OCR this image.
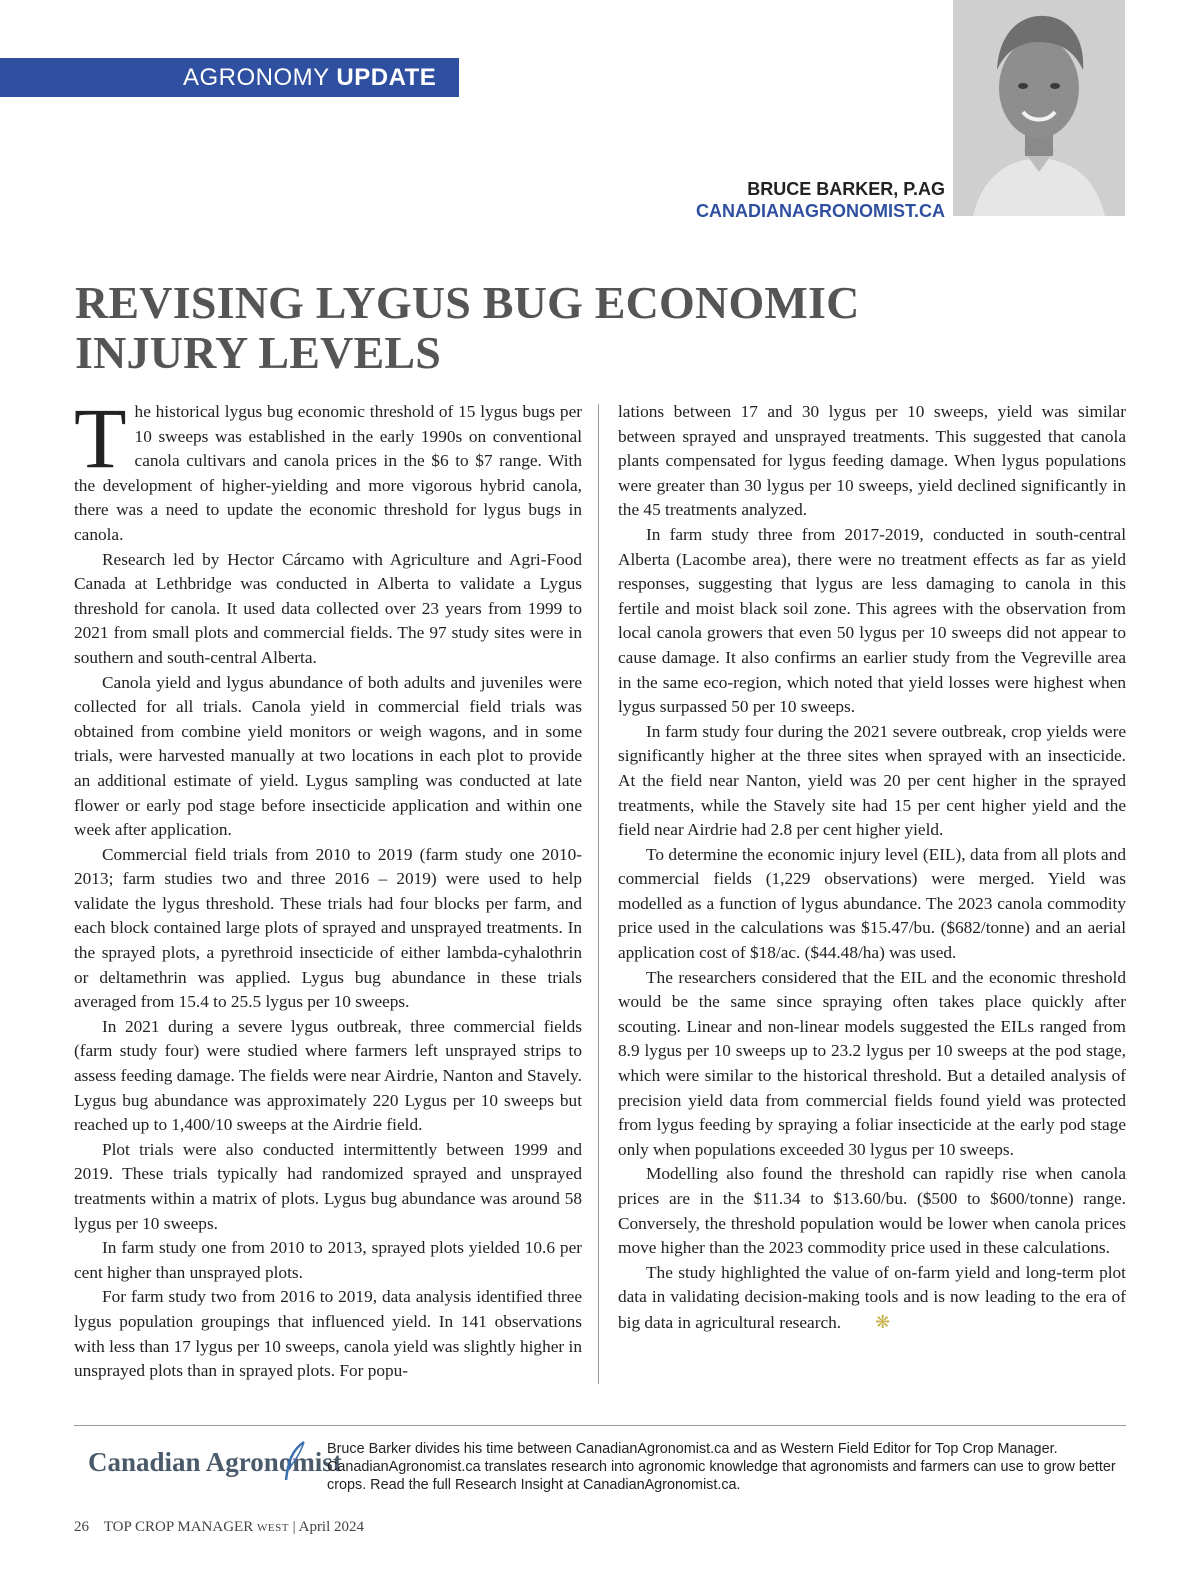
AGRONOMY UPDATE
BRUCE BARKER, P.AG
CANADIANAGRONOMIST.CA
REVISING LYGUS BUG ECONOMIC
INJURY LEVELS

The historical lygus bug economic threshold of 15 lygus bugs per 10 sweeps was established in the early 1990s on conventional canola cultivars and canola prices in the $6 to $7 range. With the development of higher-yielding and more vigorous hybrid canola, there was a need to update the economic threshold for lygus bugs in canola.

Research led by Hector Cárcamo with Agriculture and Agri-Food Canada at Lethbridge was conducted in Alberta to validate a Lygus threshold for canola. It used data collected over 23 years from 1999 to 2021 from small plots and commercial fields. The 97 study sites were in southern and south-central Alberta.

Canola yield and lygus abundance of both adults and juveniles were collected for all trials. Canola yield in commercial field trials was obtained from combine yield monitors or weigh wagons, and in some trials, were harvested manually at two locations in each plot to provide an additional estimate of yield. Lygus sampling was conducted at late flower or early pod stage before insecticide application and within one week after application.

Commercial field trials from 2010 to 2019 (farm study one 2010-2013; farm studies two and three 2016 – 2019) were used to help validate the lygus threshold. These trials had four blocks per farm, and each block contained large plots of sprayed and unsprayed treatments. In the sprayed plots, a pyrethroid insecticide of either lambda-cyhalothrin or deltamethrin was applied. Lygus bug abundance in these trials averaged from 15.4 to 25.5 lygus per 10 sweeps.

In 2021 during a severe lygus outbreak, three commercial fields (farm study four) were studied where farmers left unsprayed strips to assess feeding damage. The fields were near Airdrie, Nanton and Stavely. Lygus bug abundance was approximately 220 Lygus per 10 sweeps but reached up to 1,400/10 sweeps at the Airdrie field.

Plot trials were also conducted intermittently between 1999 and 2019. These trials typically had randomized sprayed and unsprayed treatments within a matrix of plots. Lygus bug abundance was around 58 lygus per 10 sweeps.

In farm study one from 2010 to 2013, sprayed plots yielded 10.6 per cent higher than unsprayed plots.

For farm study two from 2016 to 2019, data analysis identified three lygus population groupings that influenced yield. In 141 observations with less than 17 lygus per 10 sweeps, canola yield was slightly higher in unsprayed plots than in sprayed plots. For popu-

lations between 17 and 30 lygus per 10 sweeps, yield was similar between sprayed and unsprayed treatments. This suggested that canola plants compensated for lygus feeding damage. When lygus populations were greater than 30 lygus per 10 sweeps, yield declined significantly in the 45 treatments analyzed.

In farm study three from 2017-2019, conducted in south-central Alberta (Lacombe area), there were no treatment effects as far as yield responses, suggesting that lygus are less damaging to canola in this fertile and moist black soil zone. This agrees with the observation from local canola growers that even 50 lygus per 10 sweeps did not appear to cause damage. It also confirms an earlier study from the Vegreville area in the same eco-region, which noted that yield losses were highest when lygus surpassed 50 per 10 sweeps.

In farm study four during the 2021 severe outbreak, crop yields were significantly higher at the three sites when sprayed with an insecticide. At the field near Nanton, yield was 20 per cent higher in the sprayed treatments, while the Stavely site had 15 per cent higher yield and the field near Airdrie had 2.8 per cent higher yield.

To determine the economic injury level (EIL), data from all plots and commercial fields (1,229 observations) were merged. Yield was modelled as a function of lygus abundance. The 2023 canola commodity price used in the calculations was $15.47/bu. ($682/tonne) and an aerial application cost of $18/ac. ($44.48/ha) was used.

The researchers considered that the EIL and the economic threshold would be the same since spraying often takes place quickly after scouting. Linear and non-linear models suggested the EILs ranged from 8.9 lygus per 10 sweeps up to 23.2 lygus per 10 sweeps at the pod stage, which were similar to the historical threshold. But a detailed analysis of precision yield data from commercial fields found yield was protected from lygus feeding by spraying a foliar insecticide at the early pod stage only when populations exceeded 30 lygus per 10 sweeps.

Modelling also found the threshold can rapidly rise when canola prices are in the $11.34 to $13.60/bu. ($500 to $600/tonne) range. Conversely, the threshold population would be lower when canola prices move higher than the 2023 commodity price used in these calculations.

The study highlighted the value of on-farm yield and long-term plot data in validating decision-making tools and is now leading to the era of big data in agricultural research. ❋

Canadian Agronomist
Bruce Barker divides his time between CanadianAgronomist.ca and as Western Field Editor for Top Crop Manager. CanadianAgronomist.ca translates research into agronomic knowledge that agronomists and farmers can use to grow better crops. Read the full Research Insight at CanadianAgronomist.ca.
26 TOP CROP MANAGER WEST | April 2024
